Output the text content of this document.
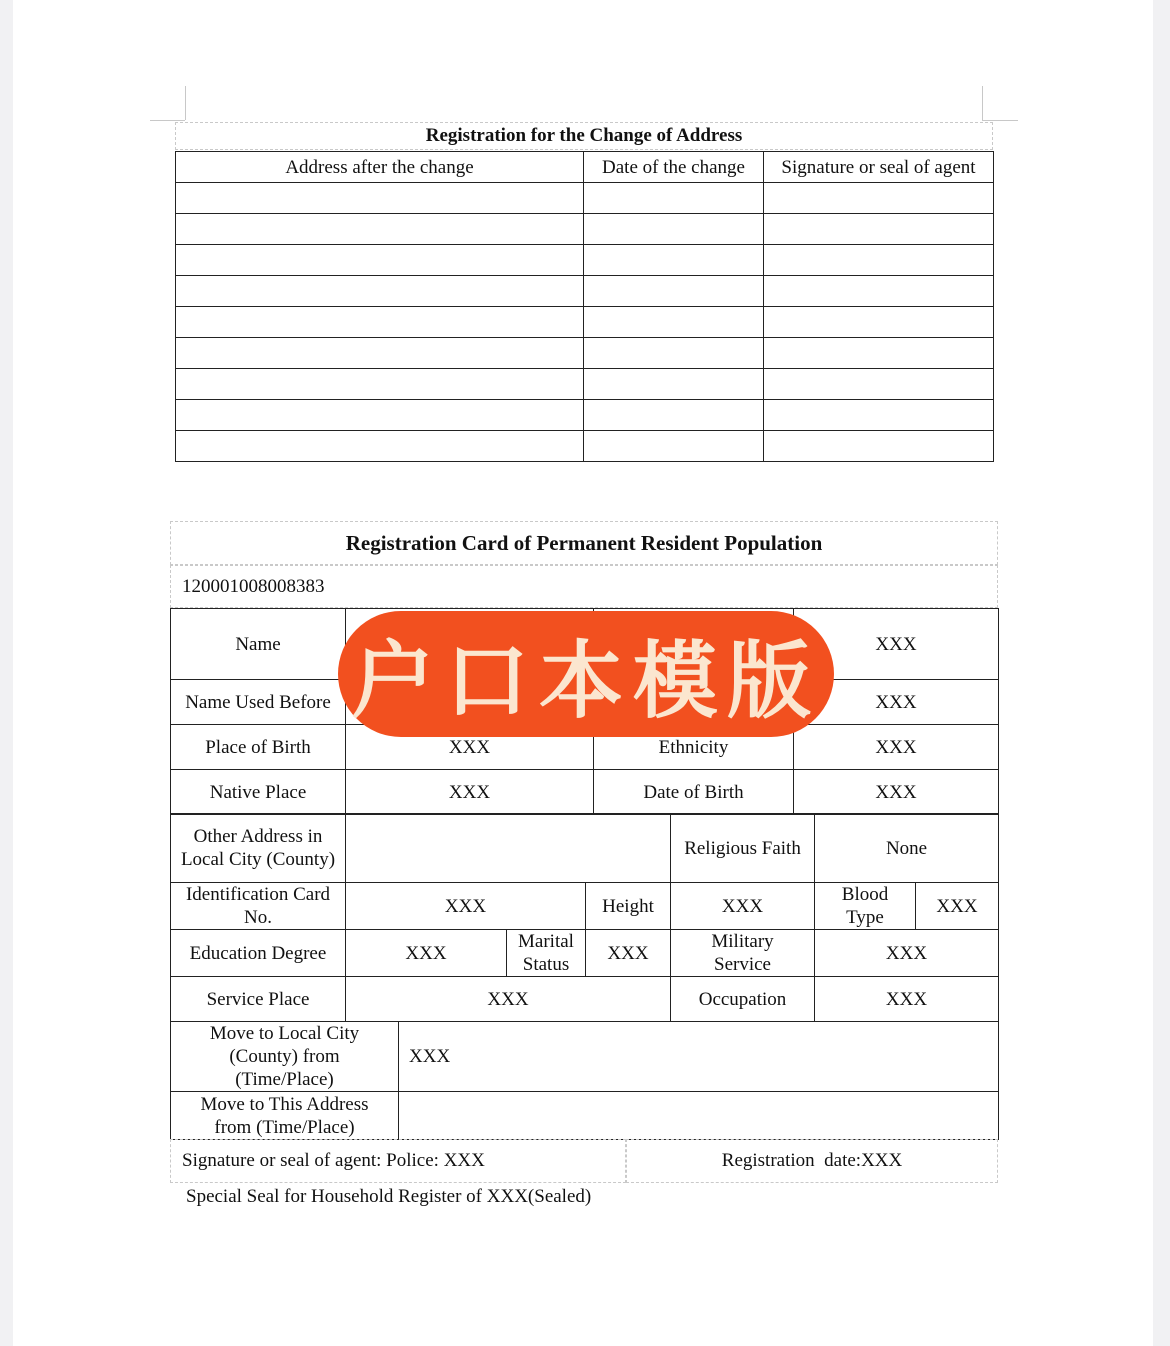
Registration for the Change of Address
Address after the change	Date of the change	Signature or seal of agent

Registration Card of Permanent Resident Population
120001008008383
Name			XXX
Name Used Before			XXX
Place of Birth	XXX	Ethnicity	XXX
Native Place	XXX	Date of Birth	XXX
Other Address in Local City (County)				Religious Faith	None	
Identification Card No.	XXX		Height	XXX	Blood Type	XXX
Education Degree	XXX	Marital Status	XXX	Military Service	XXX	
Service Place	XXX			Occupation	XXX	
Move to Local City (County) from (Time/Place)	XXX
Move to This Address from (Time/Place)	
Signature or seal of agent: Police: XXX	Registration  date:XXX
Special Seal for Household Register of XXX(Sealed)
户口本模版
